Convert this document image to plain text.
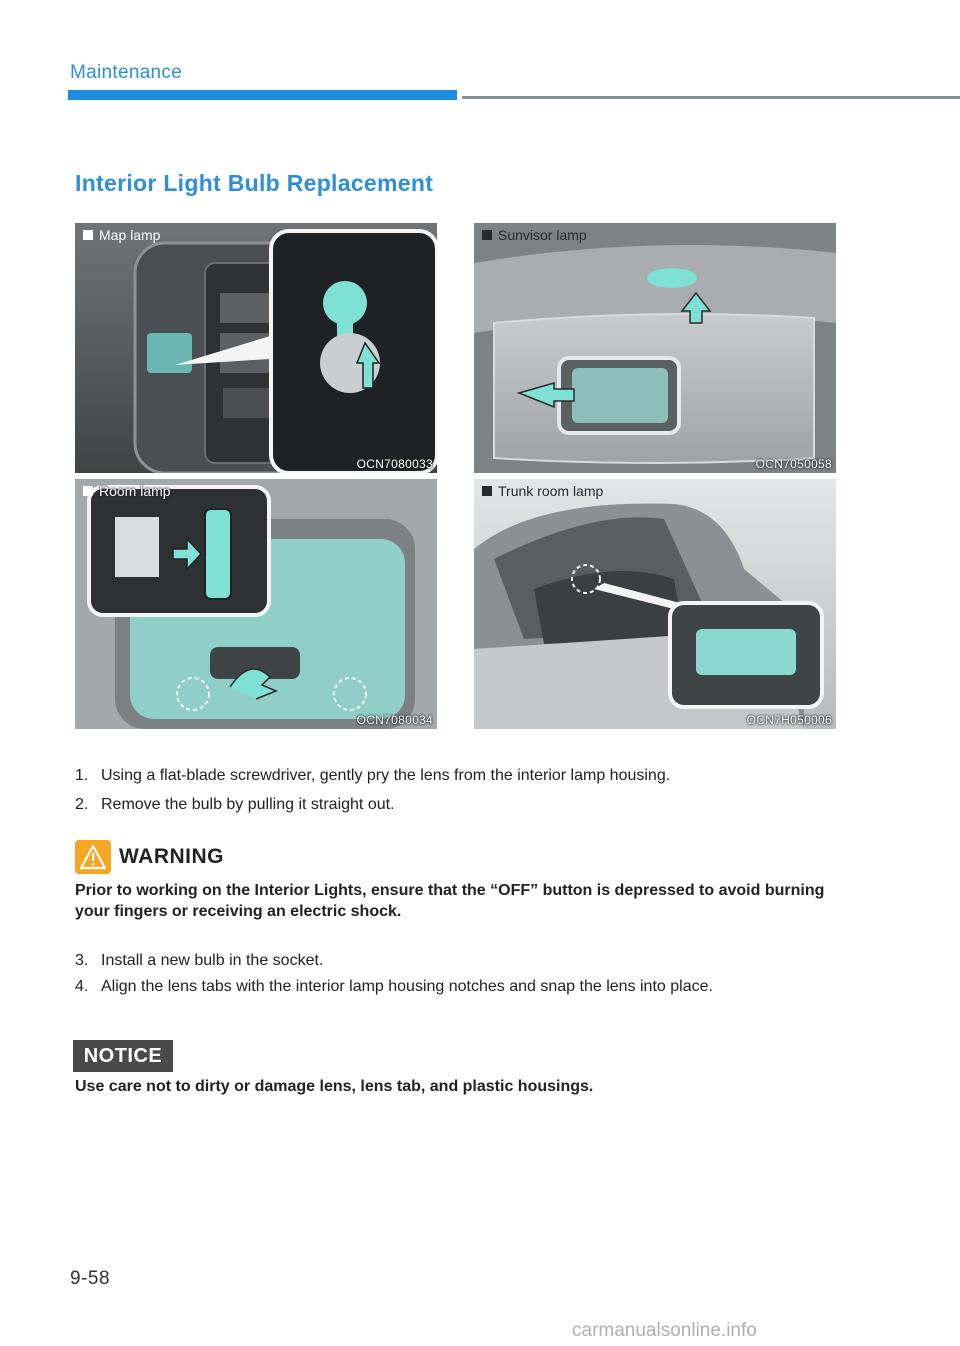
Maintenance
Interior Light Bulb Replacement
Map lamp
OCN7080033
Sunvisor lamp
OCN7050058
Room lamp
OCN7080034
Trunk room lamp
OCN7H050006
1. Using a flat-blade screwdriver, gently pry the lens from the interior lamp housing.
2. Remove the bulb by pulling it straight out.
WARNING
Prior to working on the Interior Lights, ensure that the “OFF” button is depressed to avoid burning your fingers or receiving an electric shock.
3. Install a new bulb in the socket.
4. Align the lens tabs with the interior lamp housing notches and snap the lens into place.
NOTICE
Use care not to dirty or damage lens, lens tab, and plastic housings.
9-58
carmanualsonline.info
